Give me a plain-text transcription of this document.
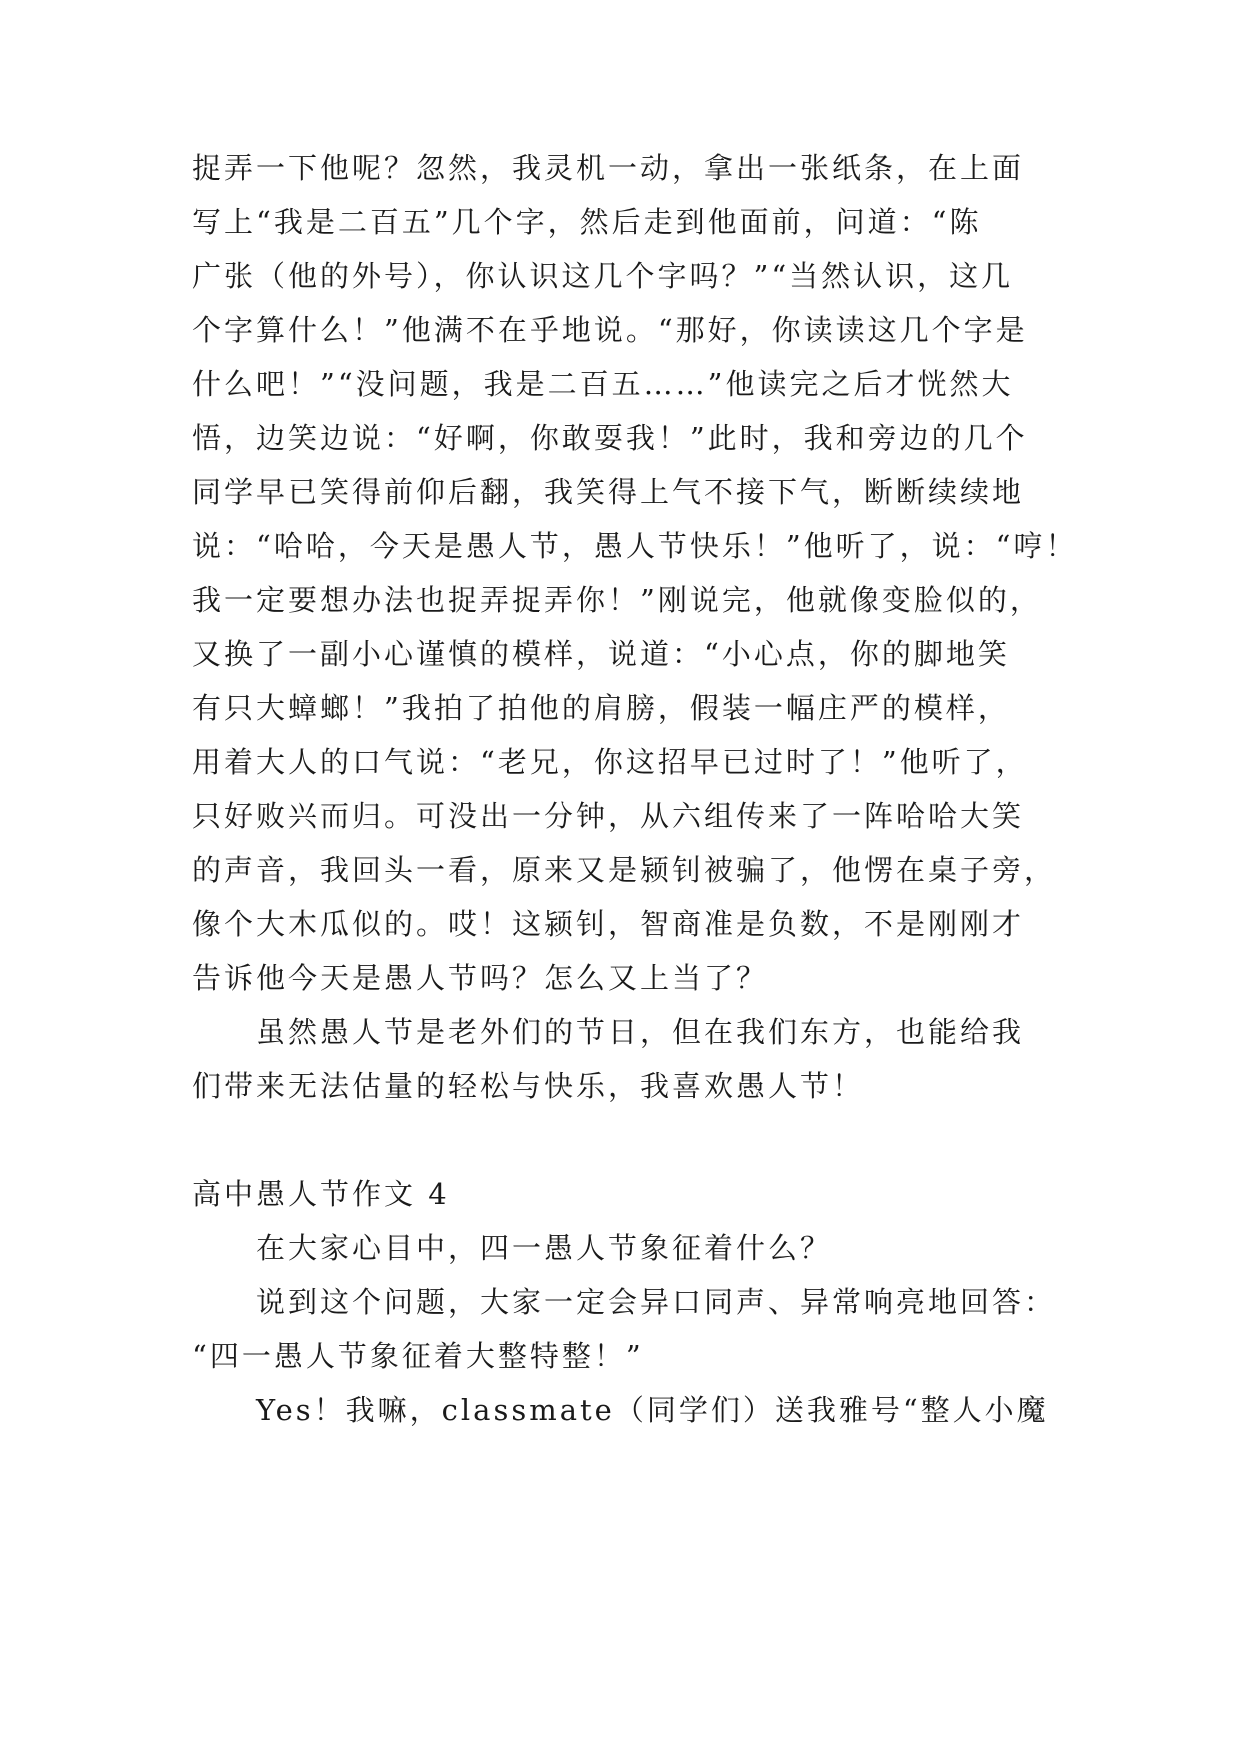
捉弄一下他呢？忽然，我灵机一动，拿出一张纸条，在上面
写上“我是二百五”几个字，然后走到他面前，问道：“陈
广张（他的外号），你认识这几个字吗？”“当然认识，这几
个字算什么！”他满不在乎地说。“那好，你读读这几个字是
什么吧！”“没问题，我是二百五……”他读完之后才恍然大
悟，边笑边说：“好啊，你敢耍我！”此时，我和旁边的几个
同学早已笑得前仰后翻，我笑得上气不接下气，断断续续地
说：“哈哈，今天是愚人节，愚人节快乐！”他听了，说：“哼！
我一定要想办法也捉弄捉弄你！”刚说完，他就像变脸似的，
又换了一副小心谨慎的模样，说道：“小心点，你的脚地笑
有只大蟑螂！”我拍了拍他的肩膀，假装一幅庄严的模样，
用着大人的口气说：“老兄，你这招早已过时了！”他听了，
只好败兴而归。可没出一分钟，从六组传来了一阵哈哈大笑
的声音，我回头一看，原来又是颍钊被骗了，他愣在桌子旁，
像个大木瓜似的。哎！这颍钊，智商准是负数，不是刚刚才
告诉他今天是愚人节吗？怎么又上当了？
虽然愚人节是老外们的节日，但在我们东方，也能给我
们带来无法估量的轻松与快乐，我喜欢愚人节！
高中愚人节作文 4
在大家心目中，四一愚人节象征着什么？
说到这个问题，大家一定会异口同声、异常响亮地回答：
“四一愚人节象征着大整特整！”
Yes！我嘛，classmate（同学们）送我雅号“整人小魔
